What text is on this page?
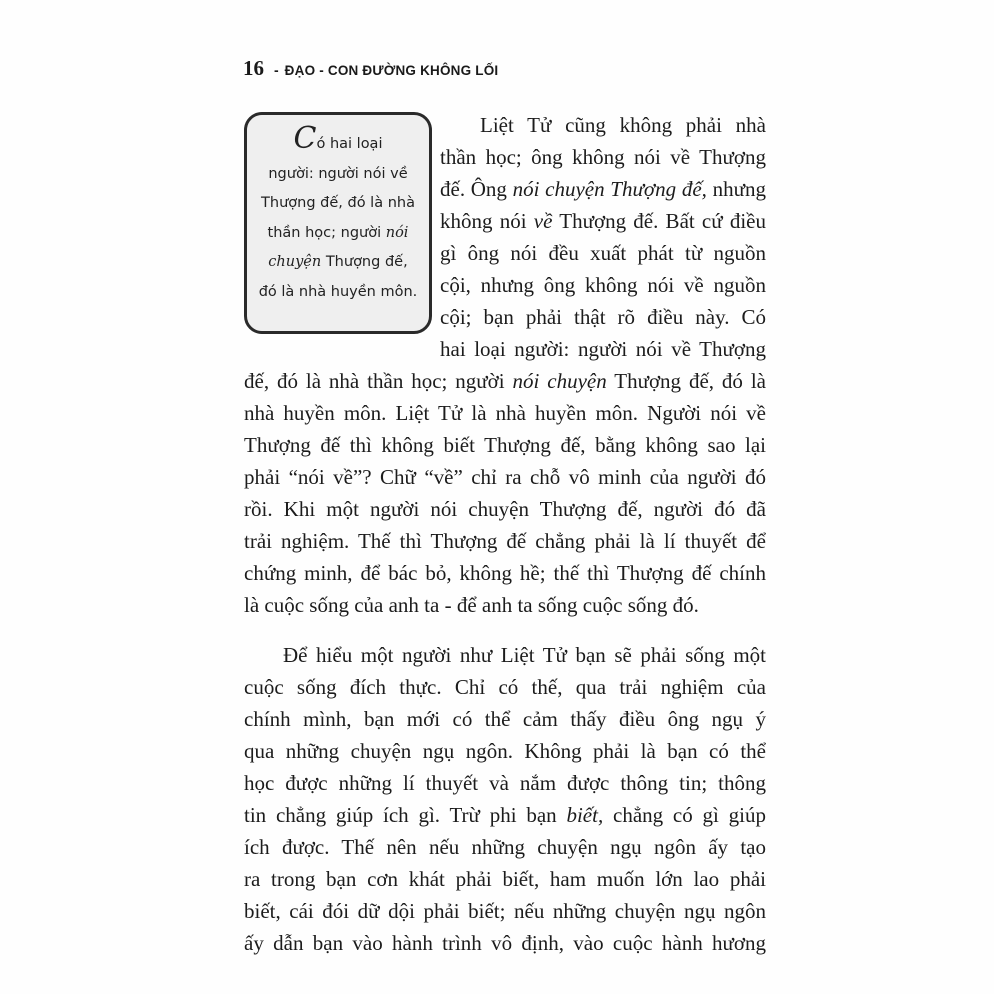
16 - ĐẠO - CON ĐƯỜNG KHÔNG LỐI
Có hai loại
người: người nói về
Thượng đế, đó là nhà
thần học; người nói
chuyện Thượng đế,
đó là nhà huyền môn.
Liệt Tử cũng không phải nhà
thần học; ông không nói về Thượng
đế. Ông nói chuyện Thượng đế, nhưng
không nói về Thượng đế. Bất cứ điều
gì ông nói đều xuất phát từ nguồn
cội, nhưng ông không nói về nguồn
cội; bạn phải thật rõ điều này. Có
hai loại người: người nói về Thượng
đế, đó là nhà thần học; người nói chuyện Thượng đế, đó là
nhà huyền môn. Liệt Tử là nhà huyền môn. Người nói về
Thượng đế thì không biết Thượng đế, bằng không sao lại
phải “nói về”? Chữ “về” chỉ ra chỗ vô minh của người đó
rồi. Khi một người nói chuyện Thượng đế, người đó đã
trải nghiệm. Thế thì Thượng đế chẳng phải là lí thuyết để
chứng minh, để bác bỏ, không hề; thế thì Thượng đế chính
là cuộc sống của anh ta - để anh ta sống cuộc sống đó.
Để hiểu một người như Liệt Tử bạn sẽ phải sống một
cuộc sống đích thực. Chỉ có thế, qua trải nghiệm của
chính mình, bạn mới có thể cảm thấy điều ông ngụ ý
qua những chuyện ngụ ngôn. Không phải là bạn có thể
học được những lí thuyết và nắm được thông tin; thông
tin chẳng giúp ích gì. Trừ phi bạn biết, chẳng có gì giúp
ích được. Thế nên nếu những chuyện ngụ ngôn ấy tạo
ra trong bạn cơn khát phải biết, ham muốn lớn lao phải
biết, cái đói dữ dội phải biết; nếu những chuyện ngụ ngôn
ấy dẫn bạn vào hành trình vô định, vào cuộc hành hương
